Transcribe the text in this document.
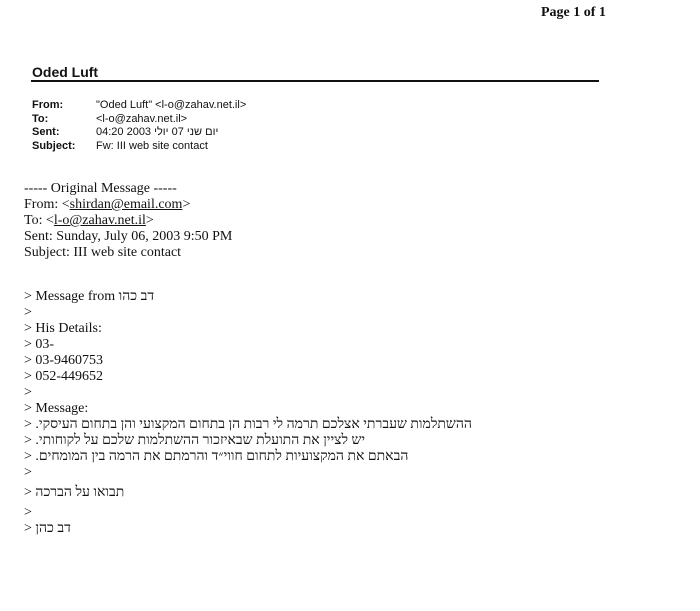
Page 1 of 1
Oded Luft
From:	"Oded Luft" <l-o@zahav.net.il>
To:	<l-o@zahav.net.il>
Sent:	04:20 2003 יום שני 07 יולי
Subject: Fw: III web site contact
----- Original Message -----
From: <shirdan@email.com>
To: <l-o@zahav.net.il>
Sent: Sunday, July 06, 2003 9:50 PM
Subject: III web site contact
> Message from דב כהו
>
> His Details:
> 03-
> 03-9460753
> 052-449652
>
> Message:
> ההשתלמות שעברתי אצלכם תרמה לי רבות הן בתחום המקצועי והן בתחום העיסקי.
> יש לציין את התועלת שבאיזכור ההשתלמות שלכם על לקוחותי.
> הבאתם את המקצועיות לתחום חווי״ד והרמתם את הרמה בין המומחים.
>
> תבואו על הברכה
>
> דב כהן
